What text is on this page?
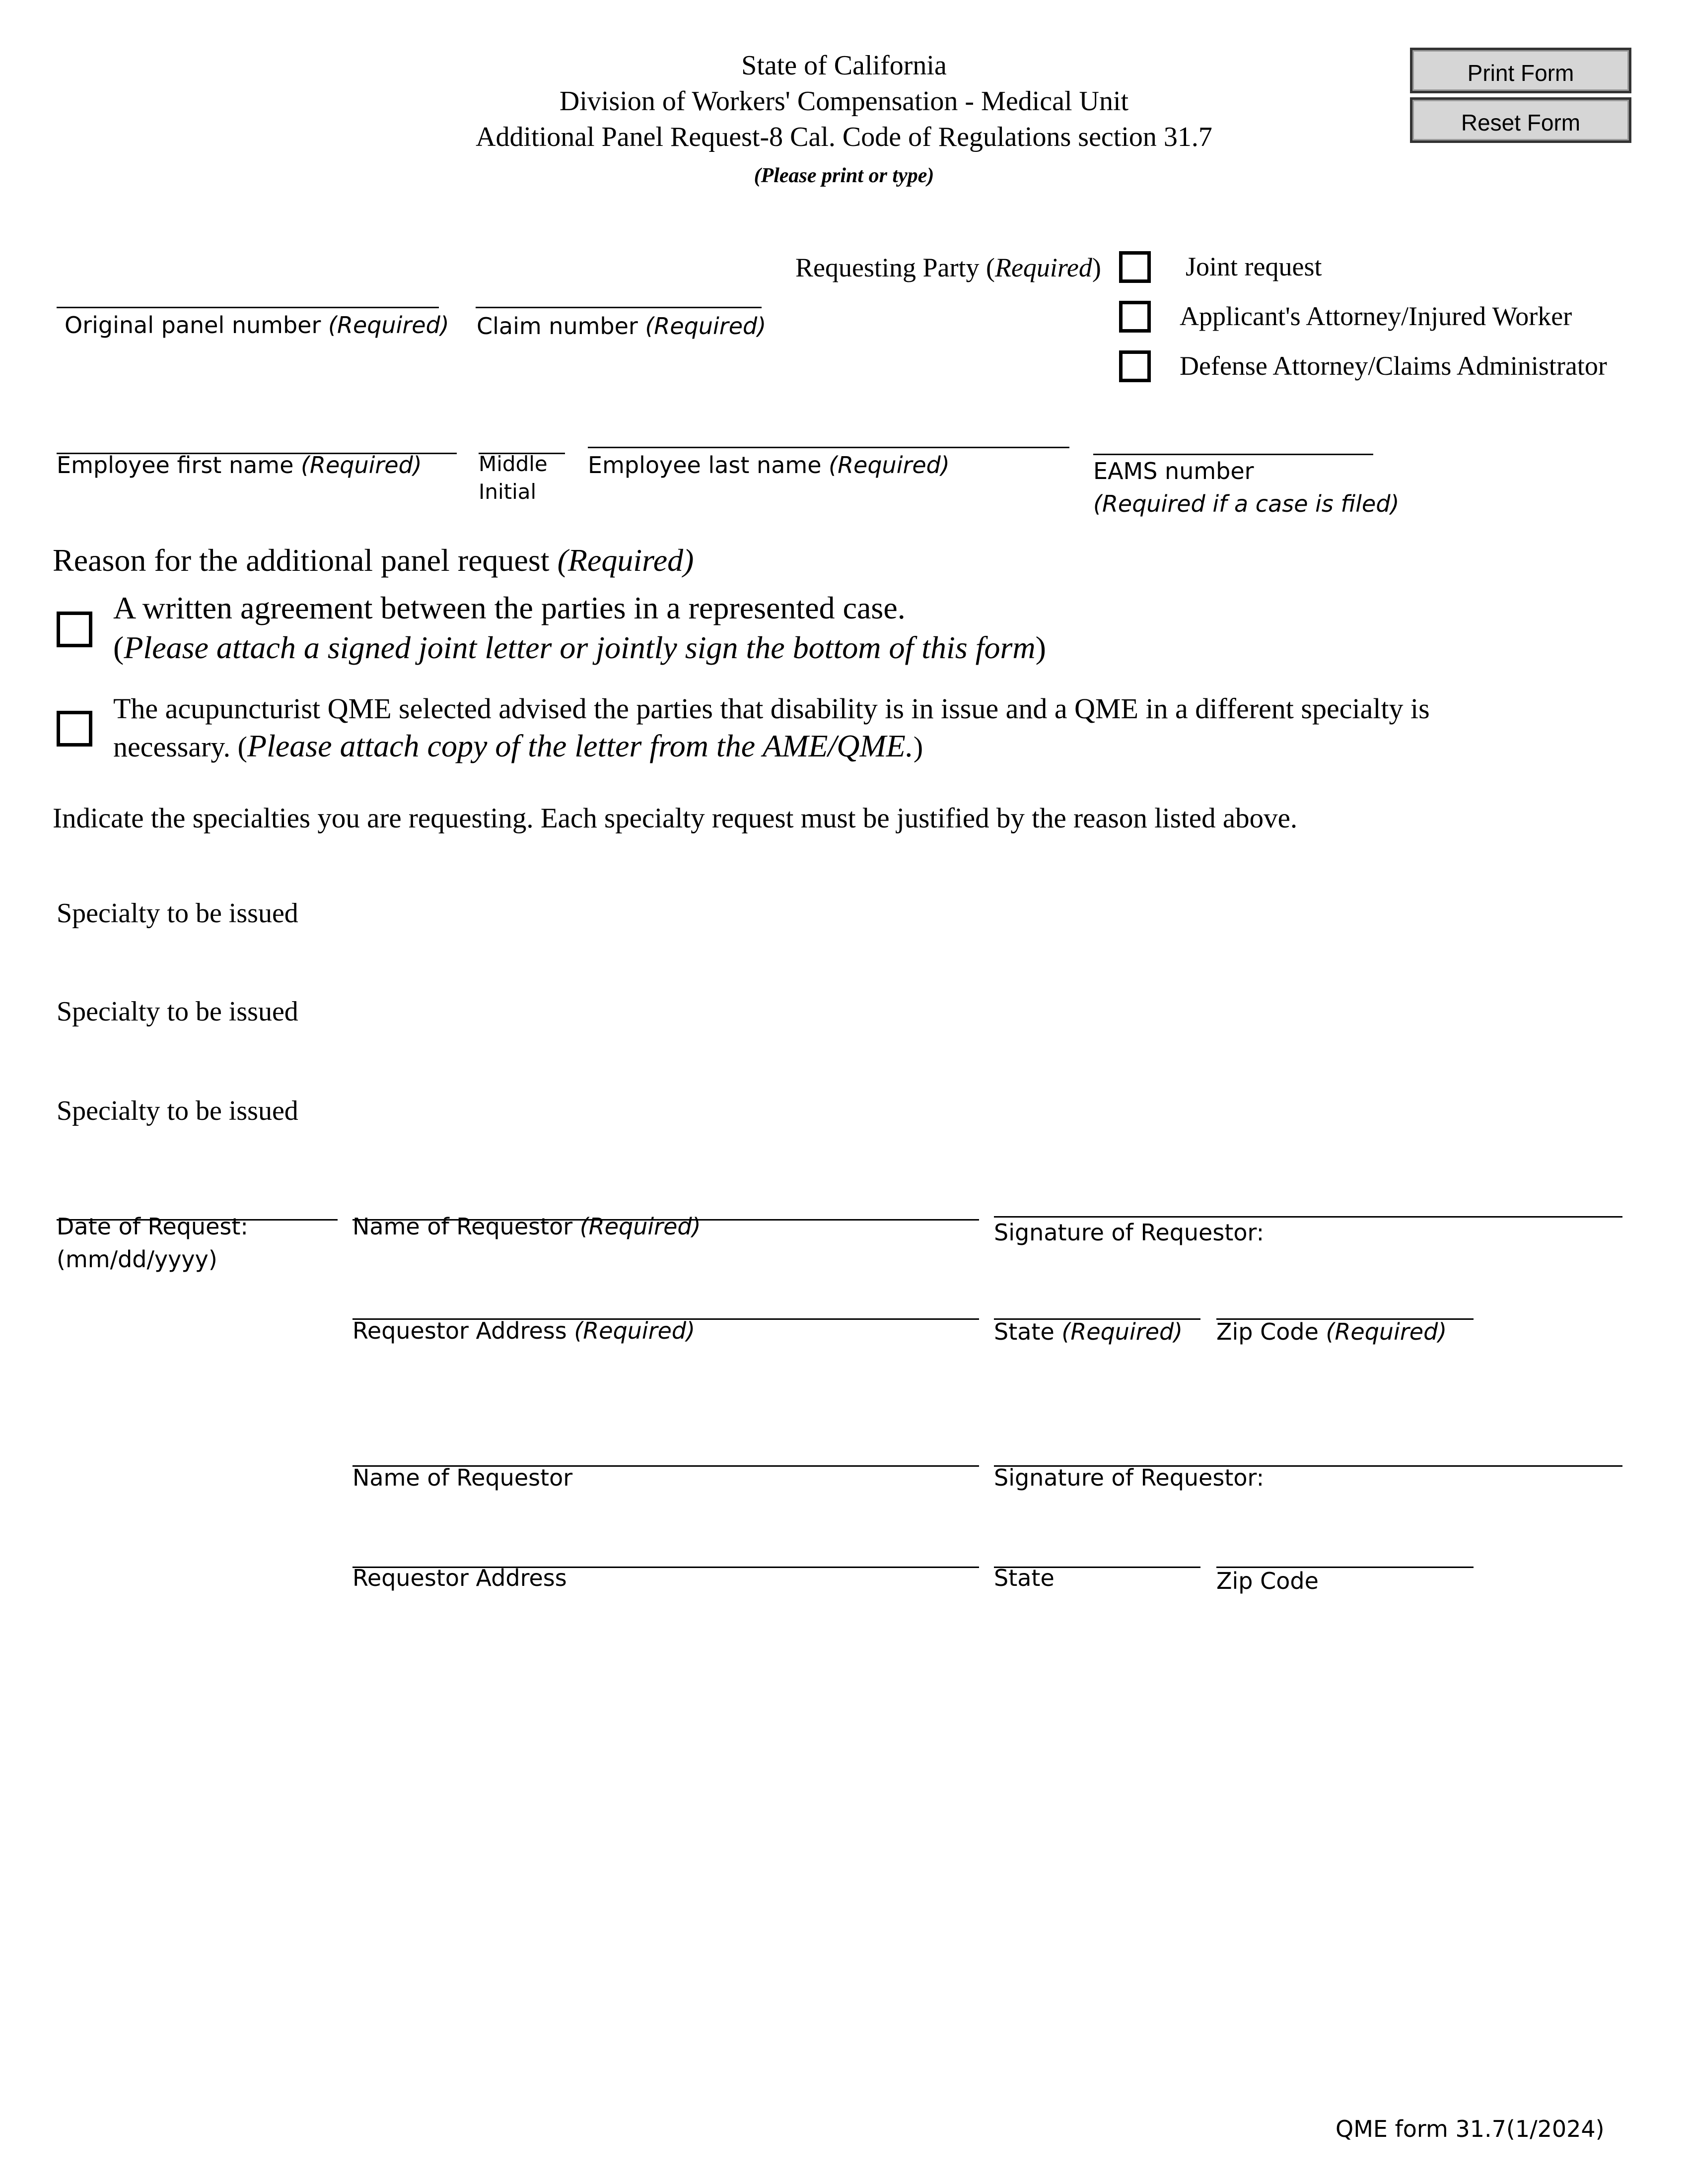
State of California
Division of Workers' Compensation - Medical Unit
Additional Panel Request-8 Cal. Code of Regulations section 31.7
(Please print or type)
Print Form
Reset Form
Requesting Party (Required)	Joint request
Applicant's Attorney/Injured Worker
Defense Attorney/Claims Administrator
Original panel number (Required) Claim number (Required)
Employee first name (Required)	Middle
Initial
Employee last name (Required)	EAMS number
(Required if a case is filed)
Reason for the additional panel request (Required)
A written agreement between the parties in a represented case.
(Please attach a signed joint letter or jointly sign the bottom of this form)
The acupuncturist QME selected advised the parties that disability is in issue and a QME in a different specialty is
necessary. (Please attach copy of the letter from the AME/QME.)
Indicate the specialties you are requesting. Each specialty request must be justified by the reason listed above.
Specialty to be issued
Specialty to be issued
Specialty to be issued
Date of Request:
(mm/dd/yyyy)
Name of Requestor (Required)	Signature of Requestor:
Requestor Address (Required)	State (Required) Zip Code (Required)
Name of Requestor	Signature of Requestor:
Requestor Address	State	Zip Code
QME form 31.7(1/2024)
